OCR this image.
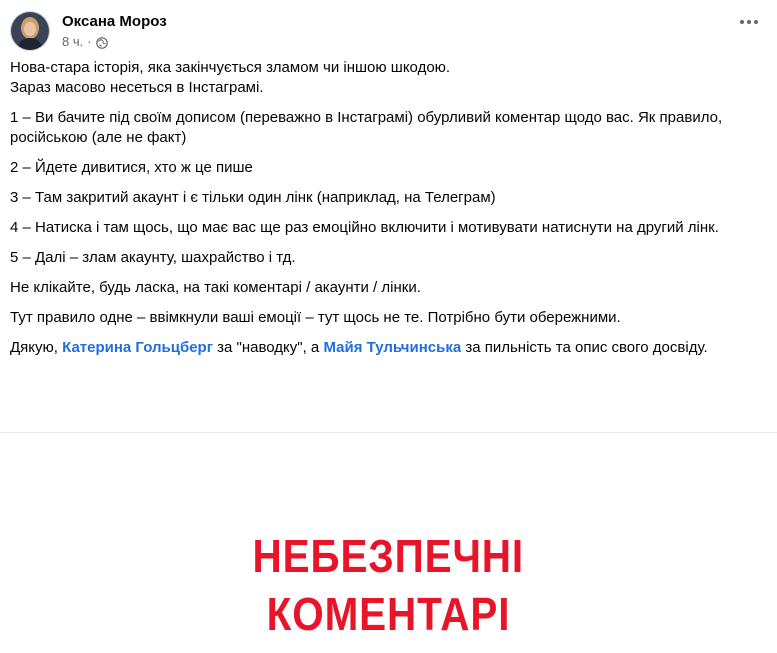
Оксана Мороз
8 ч. ·

Нова-стара історія, яка закінчується зламом чи іншою шкодою.
Зараз масово несеться в Інстаграмі.

1 – Ви бачите під своїм дописом (переважно в Інстаграмі) обурливий коментар щодо вас. Як правило, російською (але не факт)

2 – Йдете дивитися, хто ж це пише

3 – Там закритий акаунт і є тільки один лінк (наприклад, на Телеграм)

4 – Натиска і там щось, що має вас ще раз емоційно включити і мотивувати натиснути на другий лінк.

5 – Далі – злам акаунту, шахрайство і тд.

Не клікайте, будь ласка, на такі коментарі / акаунти / лінки.

Тут правило одне – ввімкнули ваші емоції – тут щось не те. Потрібно бути обережними.

Дякую, Катерина Гольцберг за "наводку", а Майя Тульчинська за пильність та опис свого досвіду.

НЕБЕЗПЕЧНІ
КОМЕНТАРІ
